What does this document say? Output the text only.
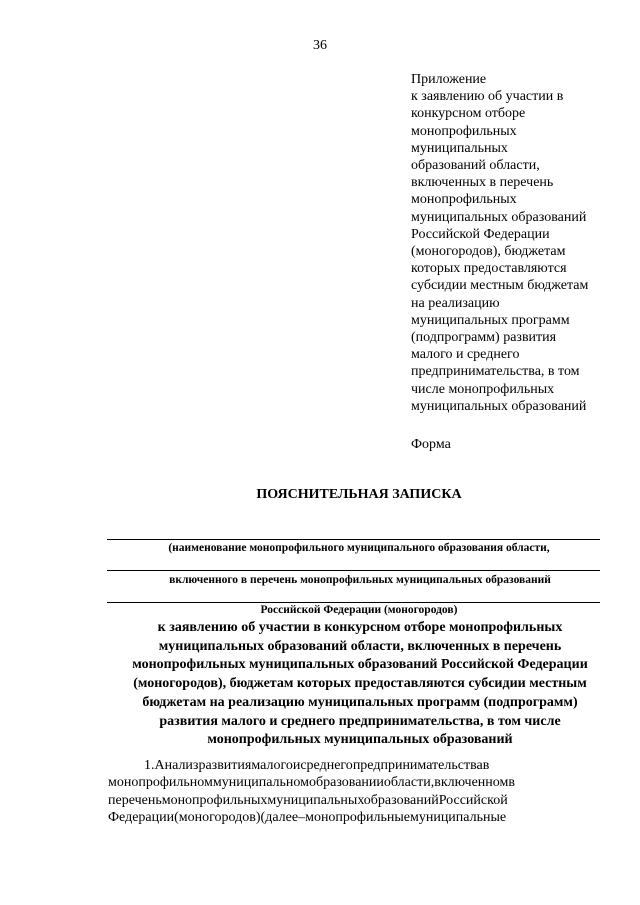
36
Приложение
к заявлению об участии в
конкурсном отборе
монопрофильных
муниципальных
образований области,
включенных в перечень
монопрофильных
муниципальных образований
Российской Федерации
(моногородов), бюджетам
которых предоставляются
субсидии местным бюджетам
на реализацию
муниципальных программ
(подпрограмм) развития
малого и среднего
предпринимательства, в том
числе монопрофильных
муниципальных образований
Форма
ПОЯСНИТЕЛЬНАЯ ЗАПИСКА
(наименование монопрофильного муниципального образования области,
включенного в перечень монопрофильных муниципальных образований
Российской Федерации (моногородов)
к заявлению об участии в конкурсном отборе монопрофильных
муниципальных образований области, включенных в перечень
монопрофильных муниципальных образований Российской Федерации
(моногородов), бюджетам которых предоставляются субсидии местным
бюджетам на реализацию муниципальных программ (подпрограмм)
развития малого и среднего предпринимательства, в том числе
монопрофильных муниципальных образований
1.Анализразвитиямалогоисреднегопредпринимательствав
монопрофильноммуниципальномобразованииобласти,включенномв
переченьмонопрофильныхмуниципальныхобразованийРоссийской
Федерации(моногородов)(далее–монопрофильныемуниципальные
